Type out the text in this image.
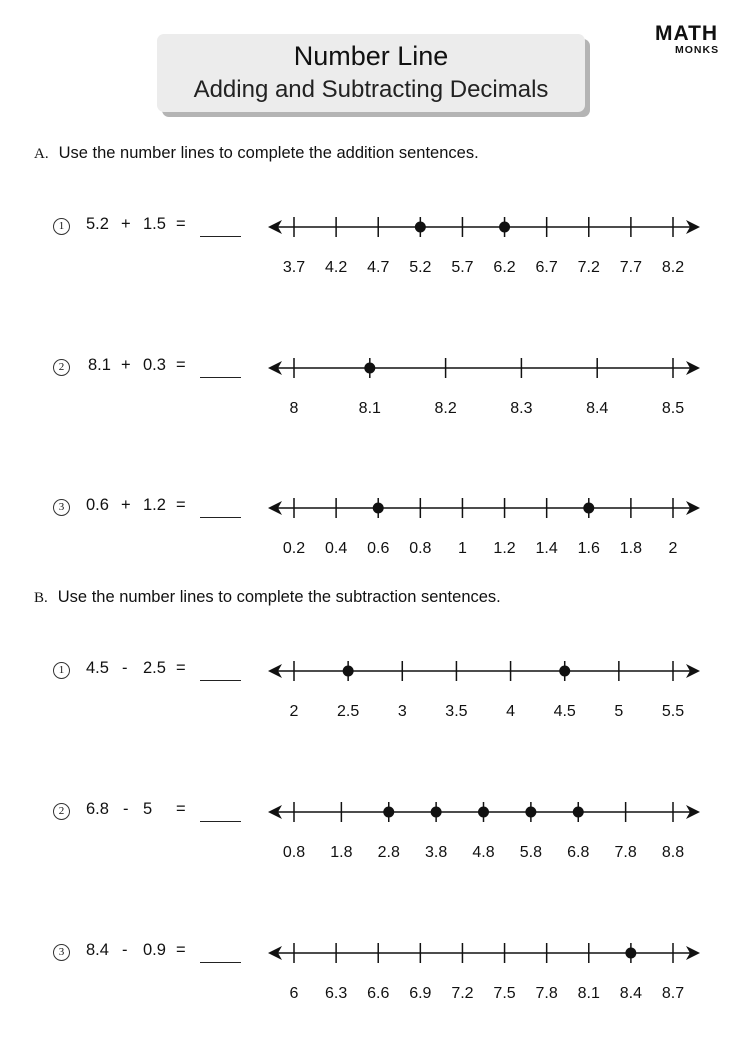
Number Line
Adding and Subtracting Decimals
MATH
MONKS
A. Use the number lines to complete the addition sentences.
B. Use the number lines to complete the subtraction sentences.
1	5.2 + 1.5 =
3.7 4.2 4.7 5.2 5.7 6.2 6.7 7.2 7.7 8.2
2	8.1 + 0.3 =
8	8.1	8.2	8.3	8.4	8.5
3	0.6 + 1.2 =
0.2 0.4 0.6 0.8 1 1.2 1.4 1.6 1.8 2
1	4.5 - 2.5 =
2 2.5 3 3.5 4 4.5 5 5.5
2	6.8 - 5 =
0.8 1.8 2.8 3.8 4.8 5.8 6.8 7.8 8.8
3	8.4 - 0.9 =
6 6.3 6.6 6.9 7.2 7.5 7.8 8.1 8.4 8.7
